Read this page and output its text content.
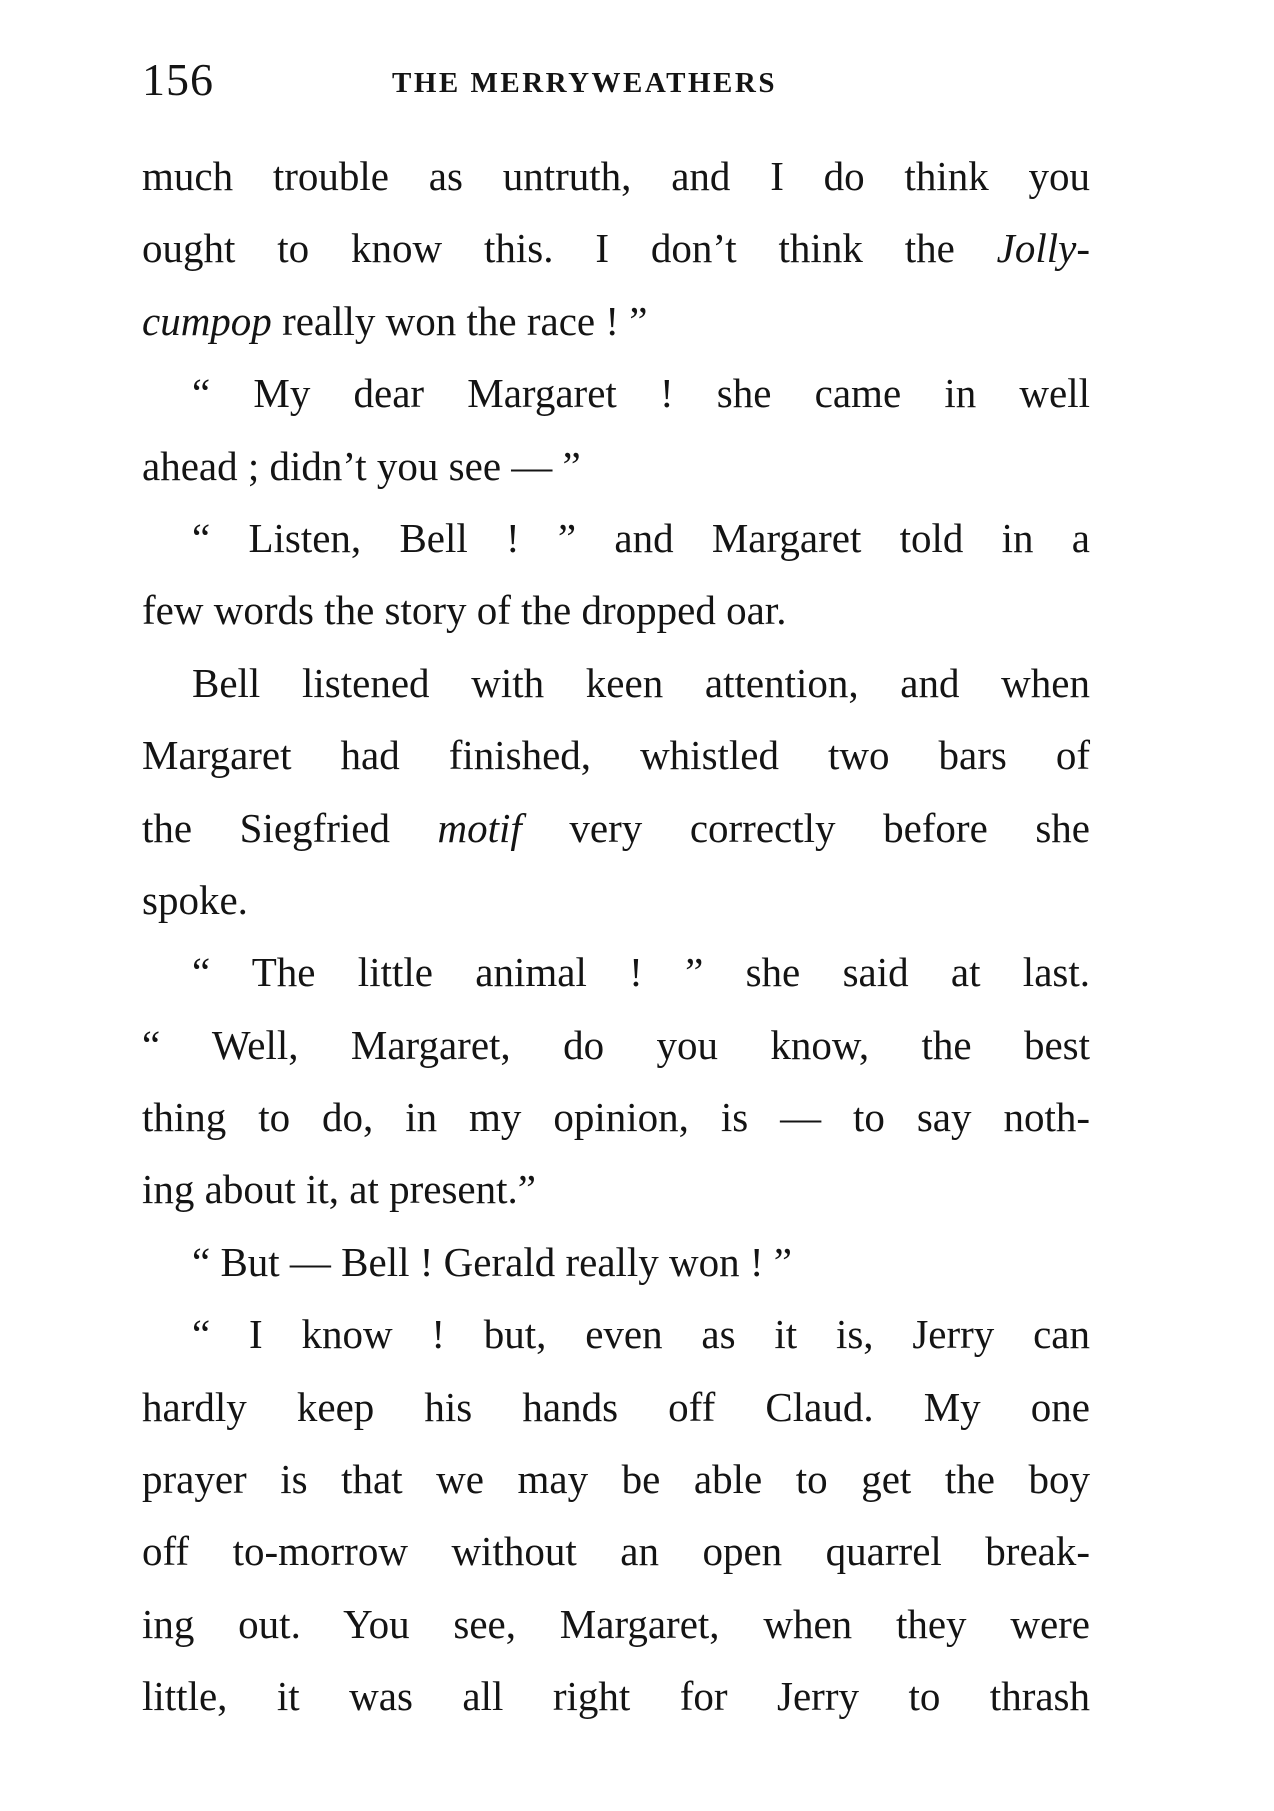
156	THE MERRYWEATHERS
much trouble as untruth, and I do think you
ought to know this. I don’t think the Jolly-
cumpop really won the race ! ”
“ My dear Margaret ! she came in well
ahead ; didn’t you see — ”
“ Listen, Bell ! ” and Margaret told in a
few words the story of the dropped oar.
Bell listened with keen attention, and when
Margaret had finished, whistled two bars of
the Siegfried motif very correctly before she
spoke.
“ The little animal ! ” she said at last.
“ Well, Margaret, do you know, the best
thing to do, in my opinion, is — to say noth-
ing about it, at present.”
“ But — Bell ! Gerald really won ! ”
“ I know ! but, even as it is, Jerry can
hardly keep his hands off Claud. My one
prayer is that we may be able to get the boy
off to-morrow without an open quarrel break-
ing out. You see, Margaret, when they were
little, it was all right for Jerry to thrash
